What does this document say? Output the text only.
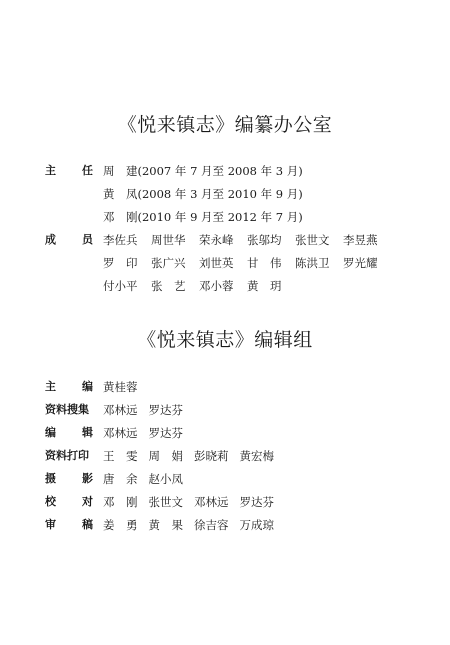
《悦来镇志》编纂办公室
主 任 周　建(2007 年 7 月至 2008 年 3 月)
黄　凤(2008 年 3 月至 2010 年 9 月)
邓　刚(2010 年 9 月至 2012 年 7 月)
成 员 李佐兵	周世华	荣永峰	张邬均	张世文	李昱燕
罗　印	张广兴	刘世英	甘　伟	陈洪卫	罗光耀
付小平	张　艺	邓小蓉	黄　玥
《悦来镇志》编辑组
主 编 黄桂蓉
资料搜集	邓林远 罗达芬
编 辑 邓林远 罗达芬
资料打印	王　雯 周　娟 彭晓莉 黄宏梅
摄 影 唐　余 赵小凤
校 对 邓　刚 张世文 邓林远 罗达芬
审 稿 姜　勇 黄　果 徐吉容 万成琼
